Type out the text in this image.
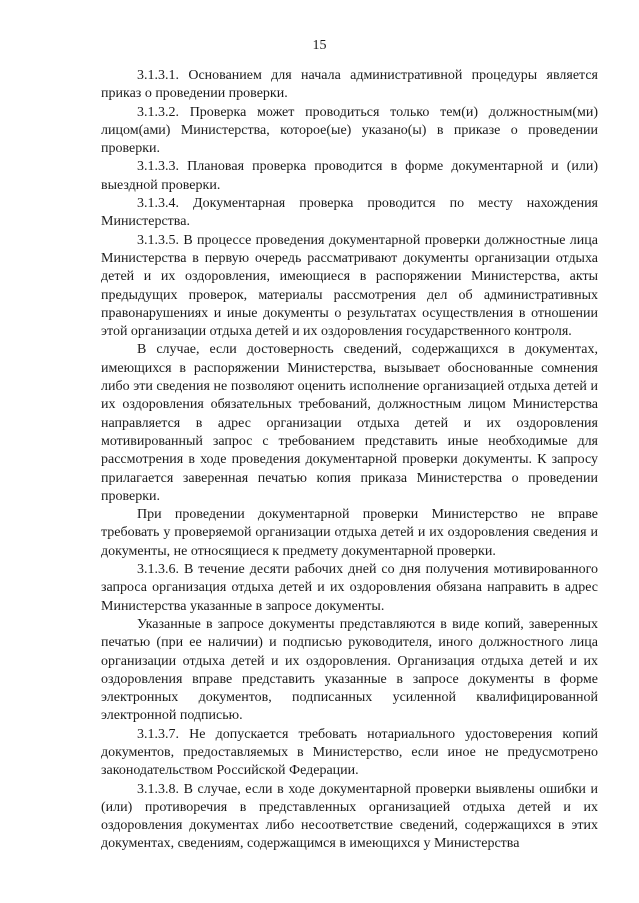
15

3.1.3.1. Основанием для начала административной процедуры является приказ о проведении проверки.

3.1.3.2. Проверка может проводиться только тем(и) должностным(ми) лицом(ами) Министерства, которое(ые) указано(ы) в приказе о проведении проверки.

3.1.3.3. Плановая проверка проводится в форме документарной и (или) выездной проверки.

3.1.3.4. Документарная проверка проводится по месту нахождения Министерства.

3.1.3.5. В процессе проведения документарной проверки должностные лица Министерства в первую очередь рассматривают документы организации отдыха детей и их оздоровления, имеющиеся в распоряжении Министерства, акты предыдущих проверок, материалы рассмотрения дел об административных правонарушениях и иные документы о результатах осуществления в отношении этой организации отдыха детей и их оздоровления государственного контроля.

В случае, если достоверность сведений, содержащихся в документах, имеющихся в распоряжении Министерства, вызывает обоснованные сомнения либо эти сведения не позволяют оценить исполнение организацией отдыха детей и их оздоровления обязательных требований, должностным лицом Министерства направляется в адрес организации отдыха детей и их оздоровления мотивированный запрос с требованием представить иные необходимые для рассмотрения в ходе проведения документарной проверки документы. К запросу прилагается заверенная печатью копия приказа Министерства о проведении проверки.

При проведении документарной проверки Министерство не вправе требовать у проверяемой организации отдыха детей и их оздоровления сведения и документы, не относящиеся к предмету документарной проверки.

3.1.3.6. В течение десяти рабочих дней со дня получения мотивированного запроса организация отдыха детей и их оздоровления обязана направить в адрес Министерства указанные в запросе документы.

Указанные в запросе документы представляются в виде копий, заверенных печатью (при ее наличии) и подписью руководителя, иного должностного лица организации отдыха детей и их оздоровления. Организация отдыха детей и их оздоровления вправе представить указанные в запросе документы в форме электронных документов, подписанных усиленной квалифицированной электронной подписью.

3.1.3.7. Не допускается требовать нотариального удостоверения копий документов, предоставляемых в Министерство, если иное не предусмотрено законодательством Российской Федерации.

3.1.3.8. В случае, если в ходе документарной проверки выявлены ошибки и (или) противоречия в представленных организацией отдыха детей и их оздоровления документах либо несоответствие сведений, содержащихся в этих документах, сведениям, содержащимся в имеющихся у Министерства
